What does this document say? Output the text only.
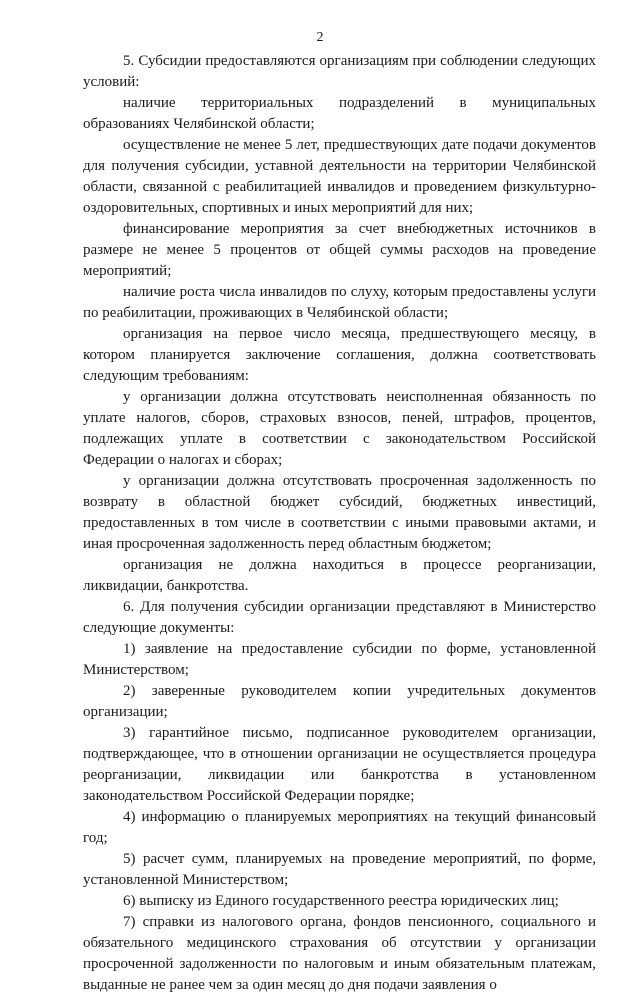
2

5. Субсидии предоставляются организациям при соблюдении следующих условий:

наличие территориальных подразделений в муниципальных образованиях Челябинской области;

осуществление не менее 5 лет, предшествующих дате подачи документов для получения субсидии, уставной деятельности на территории Челябинской области, связанной с реабилитацией инвалидов и проведением физкультурно-оздоровительных, спортивных и иных мероприятий для них;

финансирование мероприятия за счет внебюджетных источников в размере не менее 5 процентов от общей суммы расходов на проведение мероприятий;

наличие роста числа инвалидов по слуху, которым предоставлены услуги по реабилитации, проживающих в Челябинской области;

организация на первое число месяца, предшествующего месяцу, в котором планируется заключение соглашения, должна соответствовать следующим требованиям:

у организации должна отсутствовать неисполненная обязанность по уплате налогов, сборов, страховых взносов, пеней, штрафов, процентов, подлежащих уплате в соответствии с законодательством Российской Федерации о налогах и сборах;

у организации должна отсутствовать просроченная задолженность по возврату в областной бюджет субсидий, бюджетных инвестиций, предоставленных в том числе в соответствии с иными правовыми актами, и иная просроченная задолженность перед областным бюджетом;

организация не должна находиться в процессе реорганизации, ликвидации, банкротства.

6. Для получения субсидии организации представляют в Министерство следующие документы:

1) заявление на предоставление субсидии по форме, установленной Министерством;

2) заверенные руководителем копии учредительных документов организации;

3) гарантийное письмо, подписанное руководителем организации, подтверждающее, что в отношении организации не осуществляется процедура реорганизации, ликвидации или банкротства в установленном законодательством Российской Федерации порядке;

4) информацию о планируемых мероприятиях на текущий финансовый год;

5) расчет сумм, планируемых на проведение мероприятий, по форме, установленной Министерством;

6) выписку из Единого государственного реестра юридических лиц;

7) справки из налогового органа, фондов пенсионного, социального и обязательного медицинского страхования об отсутствии у организации просроченной задолженности по налоговым и иным обязательным платежам, выданные не ранее чем за один месяц до дня подачи заявления о
